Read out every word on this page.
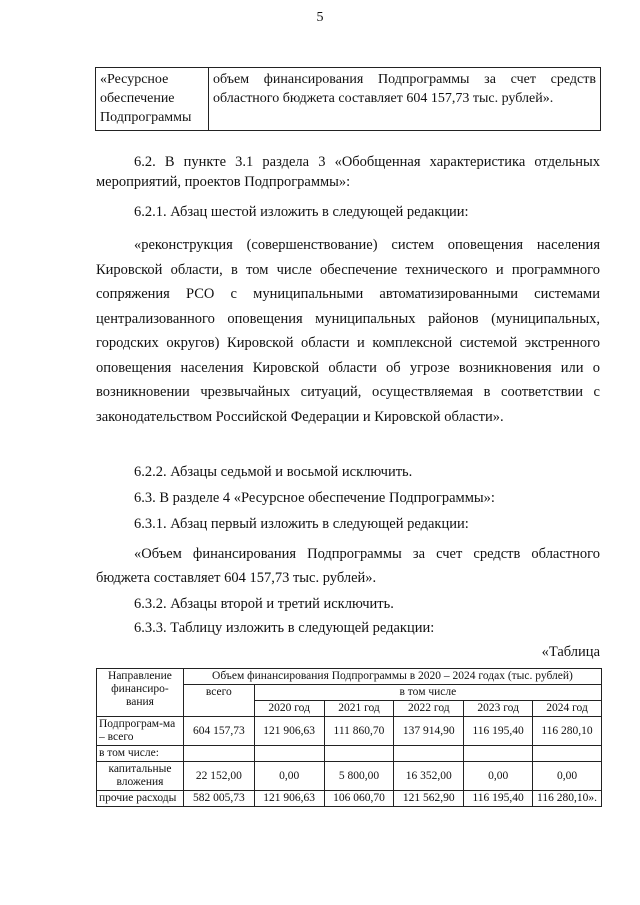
5
«Ресурсное обеспечение Подпрограммы	объем финансирования Подпрограммы за счет средств областного бюджета составляет 604 157,73 тыс. рублей».
6.2. В пункте 3.1 раздела 3 «Обобщенная характеристика отдельных мероприятий, проектов Подпрограммы»:
6.2.1. Абзац шестой изложить в следующей редакции:
«реконструкция (совершенствование) систем оповещения населения Кировской области, в том числе обеспечение технического и программного сопряжения РСО с муниципальными автоматизированными системами централизованного оповещения муниципальных районов (муниципальных, городских округов) Кировской области и комплексной системой экстренного оповещения населения Кировской области об угрозе возникновения или о возникновении чрезвычайных ситуаций, осуществляемая в соответствии с законодательством Российской Федерации и Кировской области».
6.2.2. Абзацы седьмой и восьмой исключить.
6.3. В разделе 4 «Ресурсное обеспечение Подпрограммы»:
6.3.1. Абзац первый изложить в следующей редакции:
«Объем финансирования Подпрограммы за счет средств областного бюджета составляет 604 157,73 тыс. рублей».
6.3.2. Абзацы второй и третий исключить.
6.3.3. Таблицу изложить в следующей редакции:
«Таблица
Направление финансиро-вания	Объем финансирования Подпрограммы в 2020 – 2024 годах (тыс. рублей)					
	всего	в том числе				
		2020 год	2021 год	2022 год	2023 год	2024 год
Подпрограм-ма – всего	604 157,73	121 906,63	111 860,70	137 914,90	116 195,40	116 280,10
в том числе:						
капитальные вложения	22 152,00	0,00	5 800,00	16 352,00	0,00	0,00
прочие расходы	582 005,73	121 906,63	106 060,70	121 562,90	116 195,40	116 280,10».
